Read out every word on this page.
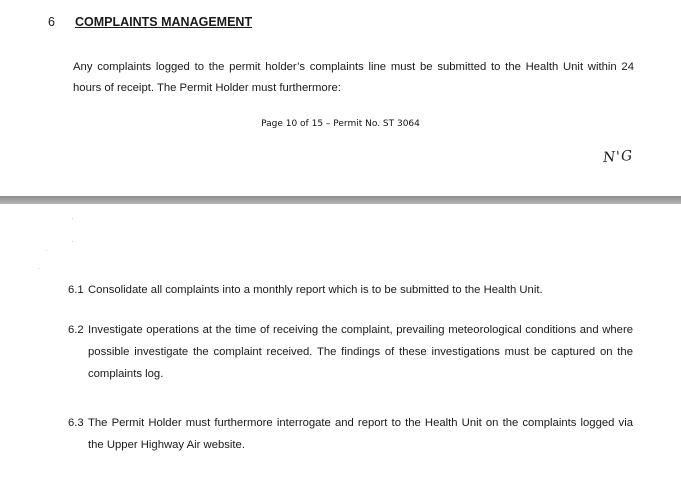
6 COMPLAINTS MANAGEMENT
Any complaints logged to the permit holder’s complaints line must be submitted to the Health Unit within 24 hours of receipt. The Permit Holder must furthermore:
Page 10 of 15 – Permit No. ST 3064
N'G
6.1 Consolidate all complaints into a monthly report which is to be submitted to the Health Unit.
6.2 Investigate operations at the time of receiving the complaint, prevailing meteorological conditions and where possible investigate the complaint received. The findings of these investigations must be captured on the complaints log.
6.3 The Permit Holder must furthermore interrogate and report to the Health Unit on the complaints logged via the Upper Highway Air website.
